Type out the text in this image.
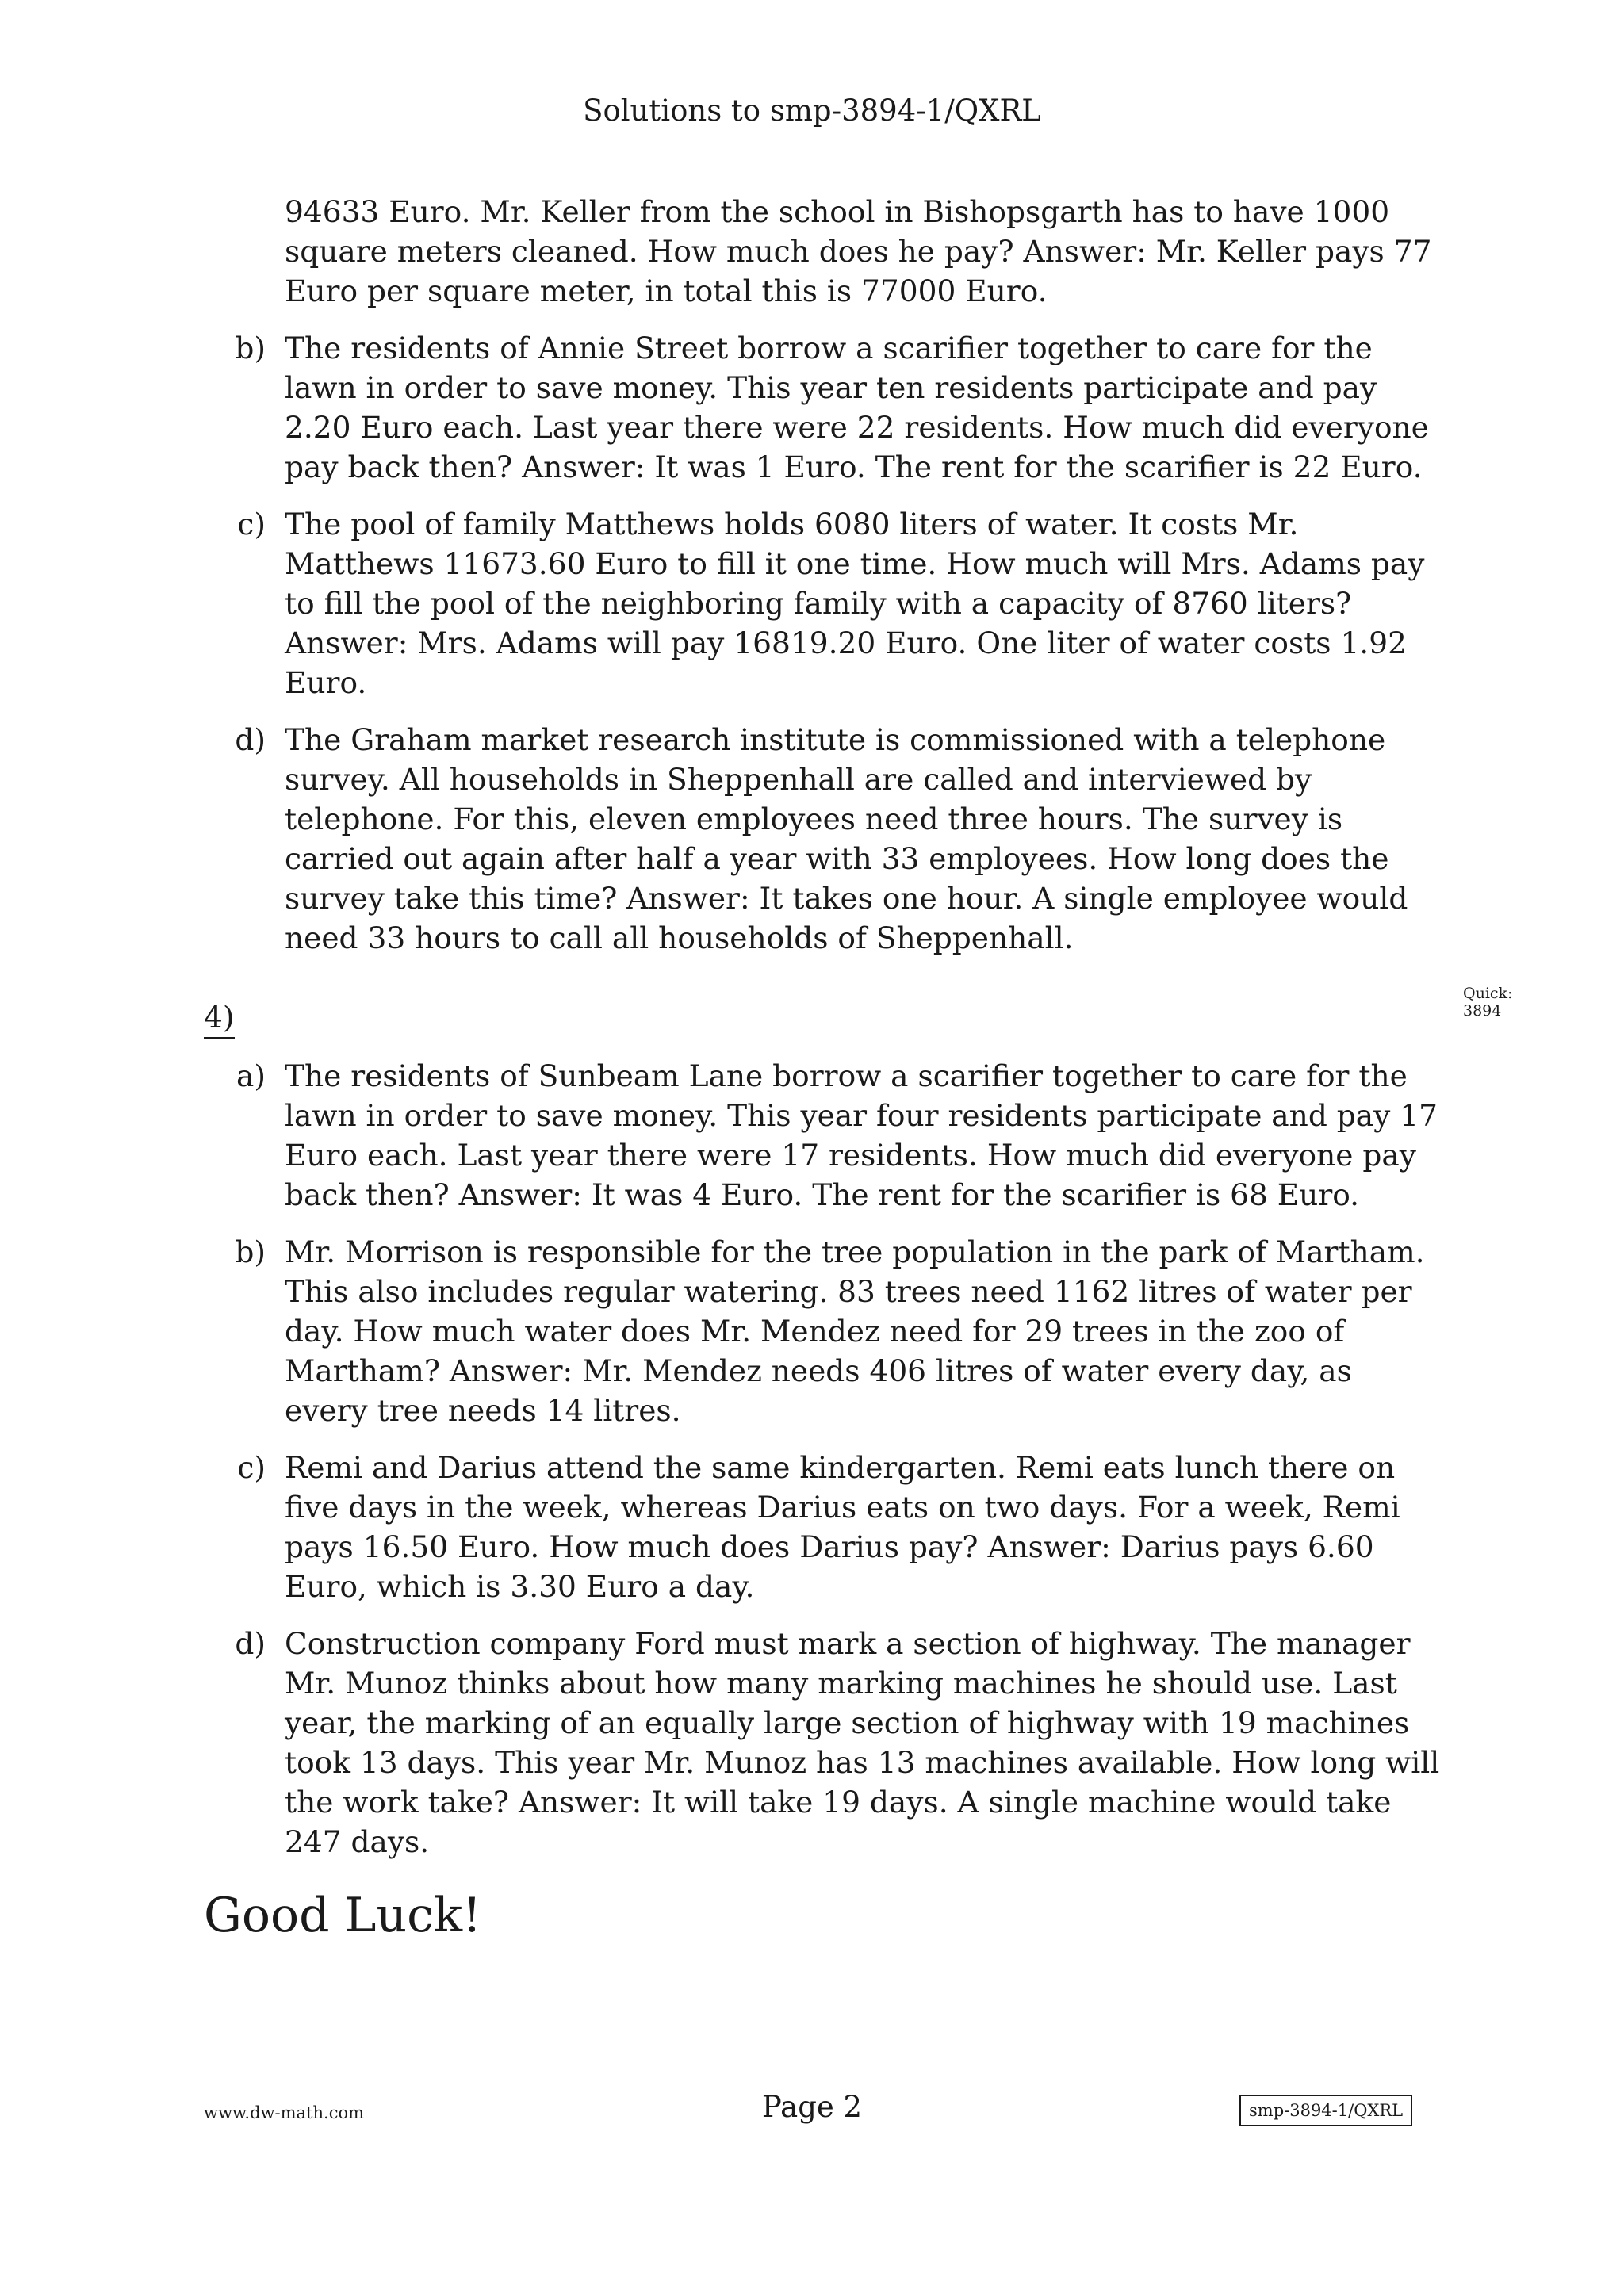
Solutions to smp-3894-1/QXRL
94633 Euro. Mr. Keller from the school in Bishopsgarth has to have 1000 square meters cleaned. How much does he pay? Answer: Mr. Keller pays 77 Euro per square meter, in total this is 77000 Euro.
b) The residents of Annie Street borrow a scarifier together to care for the lawn in order to save money. This year ten residents participate and pay 2.20 Euro each. Last year there were 22 residents. How much did everyone pay back then? Answer: It was 1 Euro. The rent for the scarifier is 22 Euro.
c) The pool of family Matthews holds 6080 liters of water. It costs Mr. Matthews 11673.60 Euro to fill it one time. How much will Mrs. Adams pay to fill the pool of the neighboring family with a capacity of 8760 liters? Answer: Mrs. Adams will pay 16819.20 Euro. One liter of water costs 1.92 Euro.
d) The Graham market research institute is commissioned with a telephone survey. All households in Sheppenhall are called and interviewed by telephone. For this, eleven employees need three hours. The survey is carried out again after half a year with 33 employees. How long does the survey take this time? Answer: It takes one hour. A single employee would need 33 hours to call all households of Sheppenhall.
4)
a) The residents of Sunbeam Lane borrow a scarifier together to care for the lawn in order to save money. This year four residents participate and pay 17 Euro each. Last year there were 17 residents. How much did everyone pay back then? Answer: It was 4 Euro. The rent for the scarifier is 68 Euro.
b) Mr. Morrison is responsible for the tree population in the park of Martham. This also includes regular watering. 83 trees need 1162 litres of water per day. How much water does Mr. Mendez need for 29 trees in the zoo of Martham? Answer: Mr. Mendez needs 406 litres of water every day, as every tree needs 14 litres.
c) Remi and Darius attend the same kindergarten. Remi eats lunch there on five days in the week, whereas Darius eats on two days. For a week, Remi pays 16.50 Euro. How much does Darius pay? Answer: Darius pays 6.60 Euro, which is 3.30 Euro a day.
d) Construction company Ford must mark a section of highway. The manager Mr. Munoz thinks about how many marking machines he should use. Last year, the marking of an equally large section of highway with 19 machines took 13 days. This year Mr. Munoz has 13 machines available. How long will the work take? Answer: It will take 19 days. A single machine would take 247 days.
Good Luck!
Quick:
3894
www.dw-math.com	Page 2	smp-3894-1/QXRL
